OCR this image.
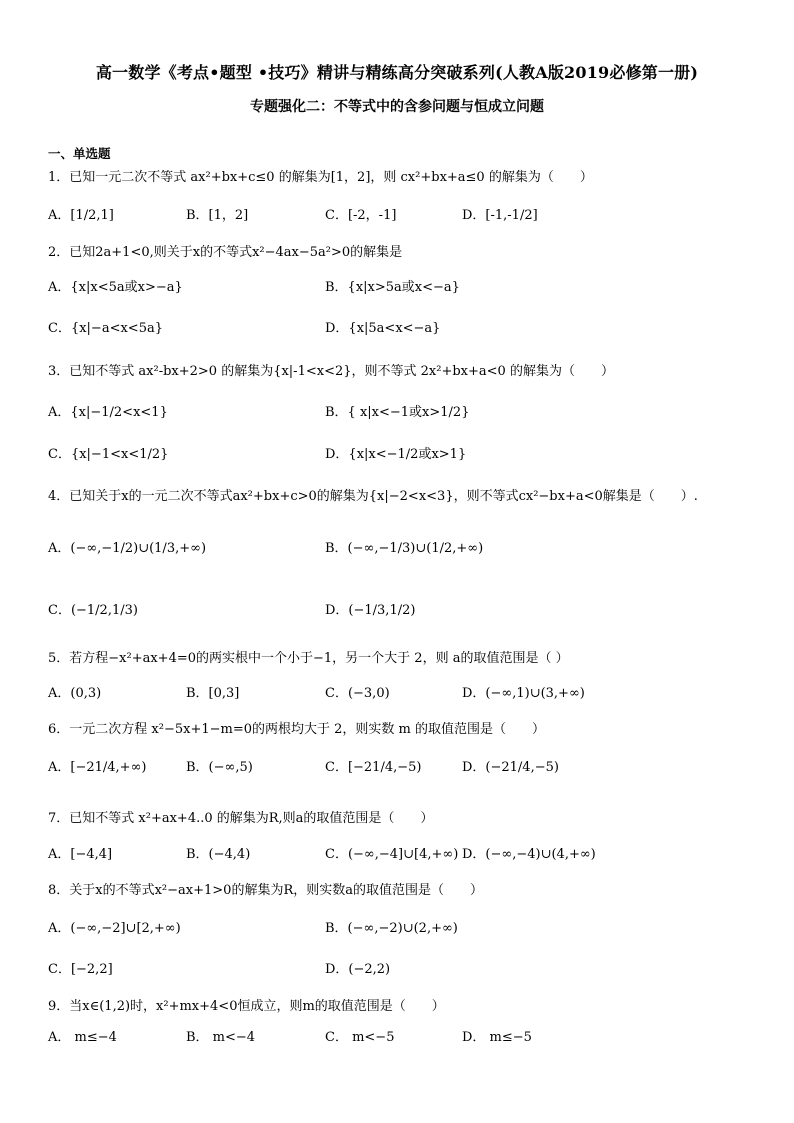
高一数学《考点•题型 •技巧》精讲与精练高分突破系列(人教A版2019必修第一册)
专题强化二：不等式中的含参问题与恒成立问题
一、单选题
1．已知一元二次不等式 ax²+bx+c≤0 的解集为[1，2]，则 cx²+bx+a≤0 的解集为（　　）
A．[1/2,1]	B．[1，2]	C．[-2，-1]	D．[-1,-1/2]
2．已知2a+1<0,则关于x的不等式x²−4ax−5a²>0的解集是
A．{x|x<5a或x>−a}	B．{x|x>5a或x<−a}
C．{x|−a<x<5a}	D．{x|5a<x<−a}
3．已知不等式 ax²-bx+2>0 的解集为{x|-1<x<2}，则不等式 2x²+bx+a<0 的解集为（　　）
A．{x|−1/2<x<1}	B．{ x|x<−1或x>1/2}
C．{x|−1<x<1/2}	D．{x|x<−1/2或x>1}
4．已知关于x的一元二次不等式ax²+bx+c>0的解集为{x|−2<x<3}，则不等式cx²−bx+a<0解集是（　　）.
A．(−∞,−1/2)∪(1/3,+∞)	B．(−∞,−1/3)∪(1/2,+∞)
C．(−1/2,1/3)	D．(−1/3,1/2)
5．若方程−x²+ax+4=0的两实根中一个小于−1，另一个大于 2，则 a的取值范围是（ ）
A．(0,3)	B．[0,3]	C．(−3,0)	D．(−∞,1)∪(3,+∞)
6．一元二次方程 x²−5x+1−m=0的两根均大于 2，则实数 m 的取值范围是（　　）
A．[−21/4,+∞)	B．(−∞,5)	C．[−21/4,−5)	D．(−21/4,−5)
7．已知不等式 x²+ax+4..0 的解集为R,则a的取值范围是（　　）
A．[−4,4]	B．(−4,4)	C．(−∞,−4]∪[4,+∞) D．(−∞,−4)∪(4,+∞)
8．关于x的不等式x²−ax+1>0的解集为R，则实数a的取值范围是（　　）
A．(−∞,−2]∪[2,+∞)	B．(−∞,−2)∪(2,+∞)
C．[−2,2]	D．(−2,2)
9．当x∈(1,2)时，x²+mx+4<0恒成立，则m的取值范围是（　　）
A． m≤−4	B． m<−4	C． m<−5	D． m≤−5
